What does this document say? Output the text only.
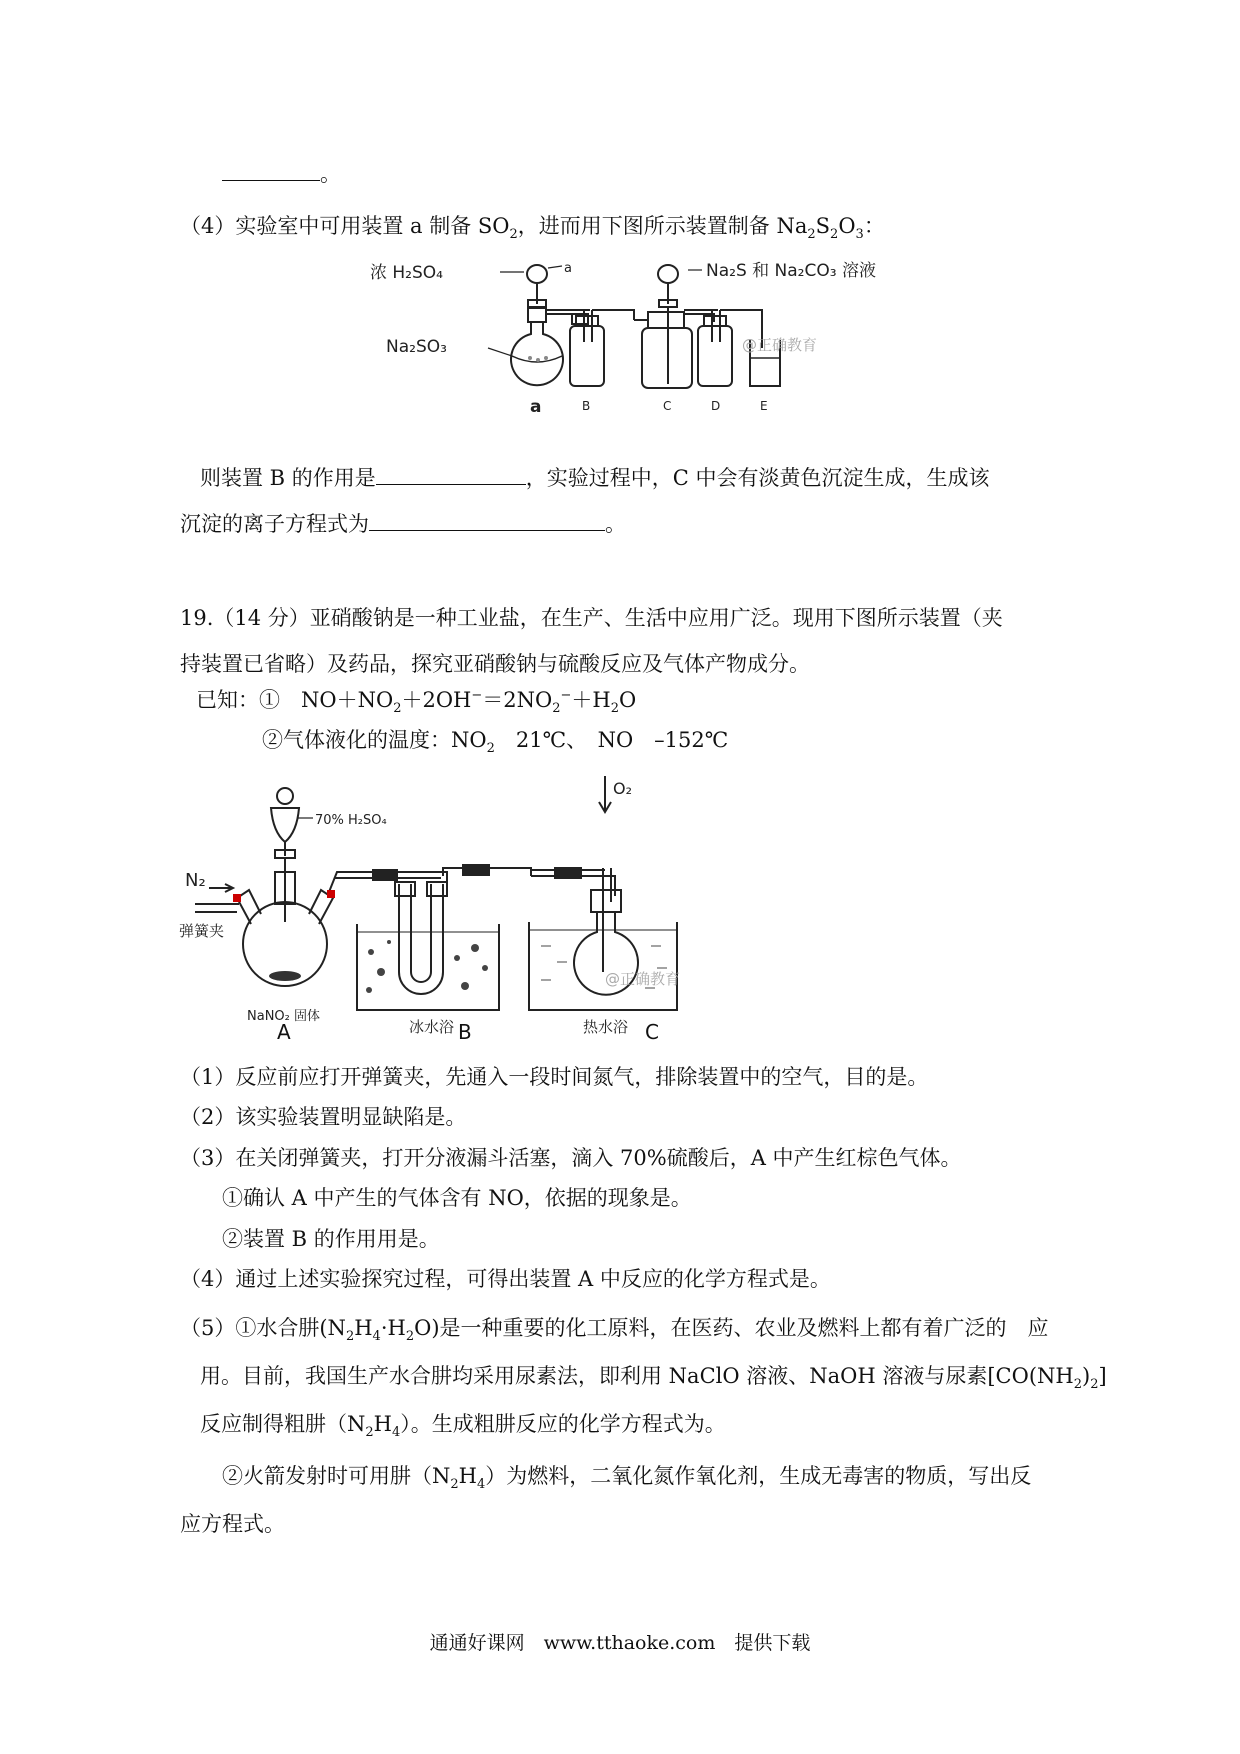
。
（4）实验室中可用装置 a 制备 $SO_2$，进而用下图所示装置制备 $Na_2S_2O_3$：
浓 H₂SO₄	a	Na₂S 和 Na₂CO₃ 溶液
Na₂SO₃	@正确教育
a	B	C	D	E
则装置 B 的作用是	，实验过程中，C 中会有淡黄色沉淀生成，生成该
沉淀的离子方程式为	。
19.（14 分）亚硝酸钠是一种工业盐，在生产、生活中应用广泛。现用下图所示装置（夹
持装置已省略）及药品，探究亚硝酸钠与硫酸反应及气体产物成分。
已知：①　$NO+NO_2+2OH^-=2NO_2^-+H_2O$
②气体液化的温度：$NO_2$　21℃、　NO　–152℃
N₂
弹簧夹
70% H₂SO₄
O₂
NaNO₂ 固体
冰水浴	热水浴
@正确教育
A	B	C
（1）反应前应打开弹簧夹，先通入一段时间氮气，排除装置中的空气，目的是。
（2）该实验装置明显缺陷是。
（3）在关闭弹簧夹，打开分液漏斗活塞，滴入 70%硫酸后，A 中产生红棕色气体。
①确认 A 中产生的气体含有 NO，依据的现象是。
②装置 B 的作用用是。
（4）通过上述实验探究过程，可得出装置 A 中反应的化学方程式是。
（5）①水合肼$(N_2H_4\cdot H_2O)$是一种重要的化工原料，在医药、农业及燃料上都有着广泛的　应
用。目前，我国生产水合肼均采用尿素法，即利用 NaClO 溶液、NaOH 溶液与尿素$[CO(NH_2)_2]$
反应制得粗肼$(N_2H_4)$。生成粗肼反应的化学方程式为。
②火箭发射时可用肼$(N_2H_4)$为燃料，二氧化氮作氧化剂，生成无毒害的物质，写出反
应方程式。
通通好课网　www.tthaoke.com　提供下载
